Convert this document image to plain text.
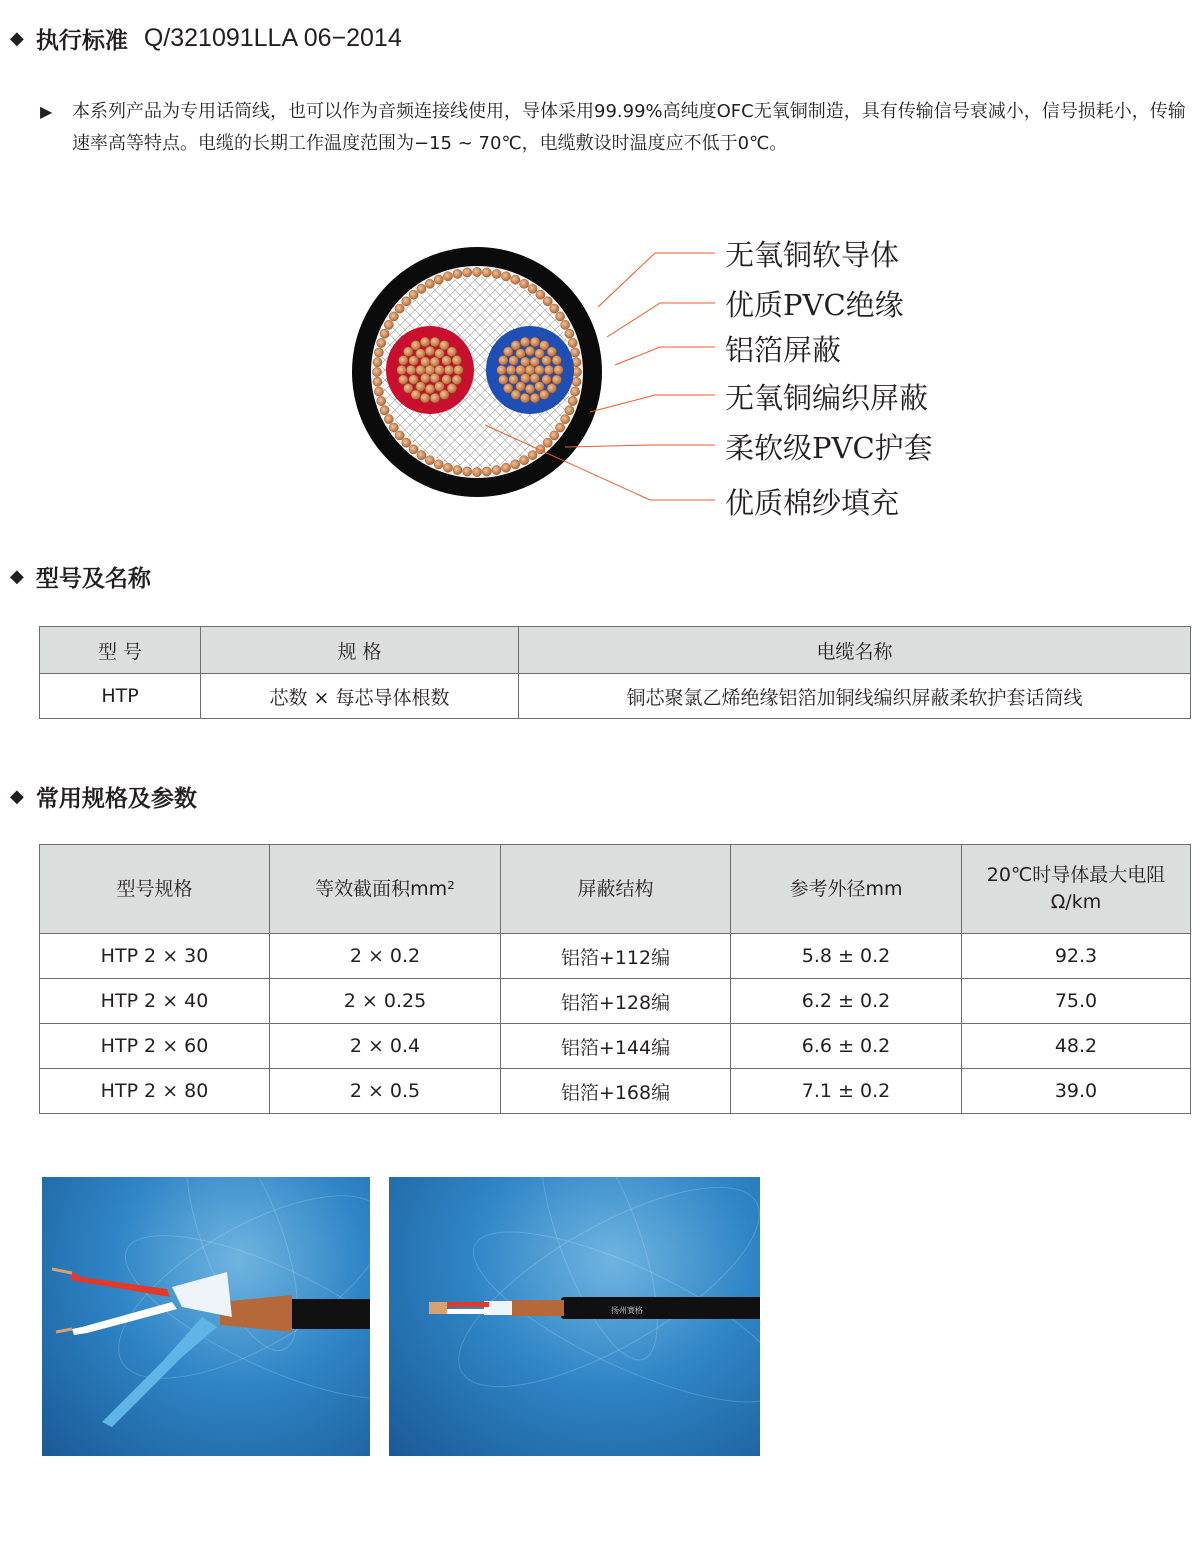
◆ 执行标准 Q/321091LLA 06−2014
▶ 本系列产品为专用话筒线，也可以作为音频连接线使用，导体采用99.99%高纯度OFC无氧铜制造，具有传输信号衰减小，信号损耗小，传输速率高等特点。电缆的长期工作温度范围为−15 ~ 70℃，电缆敷设时温度应不低于0℃。
无氧铜软导体
优质PVC绝缘
铝箔屏蔽
无氧铜编织屏蔽
柔软级PVC护套
优质棉纱填充
◆ 型号及名称
型 号	规 格	电缆名称
HTP	芯数 × 每芯导体根数	铜芯聚氯乙烯绝缘铝箔加铜线编织屏蔽柔软护套话筒线
◆ 常用规格及参数
型号规格	等效截面积mm²	屏蔽结构	参考外径mm	20℃时导体最大电阻
Ω/km

HTP 2 × 30	2 × 0.2	铝箔+112编	5.8 ± 0.2	92.3
HTP 2 × 40	2 × 0.25	铝箔+128编	6.2 ± 0.2	75.0
HTP 2 × 60	2 × 0.4	铝箔+144编	6.6 ± 0.2	48.2
HTP 2 × 80	2 × 0.5	铝箔+168编	7.1 ± 0.2	39.0
扬州赛格
